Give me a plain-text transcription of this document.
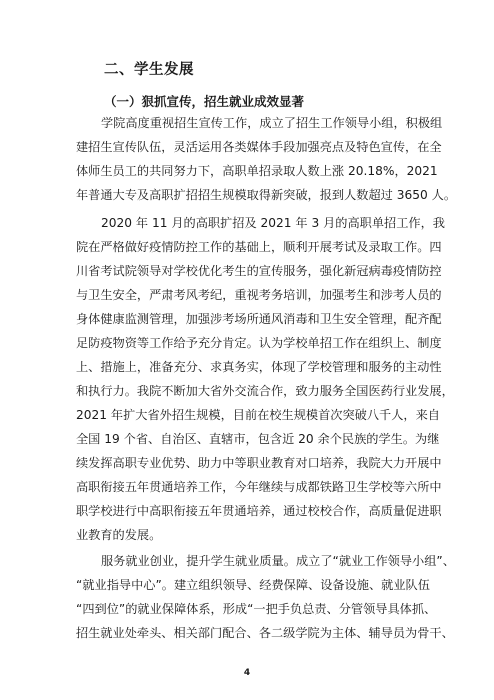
二、学生发展
（一）狠抓宣传，招生就业成效显著
学院高度重视招生宣传工作，成立了招生工作领导小组，积极组
建招生宣传队伍，灵活运用各类媒体手段加强亮点及特色宣传，在全
体师生员工的共同努力下，高职单招录取人数上涨 20.18%，2021
年普通大专及高职扩招招生规模取得新突破，报到人数超过 3650 人。
2020 年 11 月的高职扩招及 2021 年 3 月的高职单招工作，我
院在严格做好疫情防控工作的基础上，顺利开展考试及录取工作。四
川省考试院领导对学校优化考生的宣传服务，强化新冠病毒疫情防控
与卫生安全，严肃考风考纪，重视考务培训，加强考生和涉考人员的
身体健康监测管理，加强涉考场所通风消毒和卫生安全管理，配齐配
足防疫物资等工作给予充分肯定。认为学校单招工作在组织上、制度
上、措施上，准备充分、求真务实，体现了学校管理和服务的主动性
和执行力。我院不断加大省外交流合作，致力服务全国医药行业发展，
2021 年扩大省外招生规模，目前在校生规模首次突破八千人，来自
全国 19 个省、自治区、直辖市，包含近 20 余个民族的学生。为继
续发挥高职专业优势、助力中等职业教育对口培养，我院大力开展中
高职衔接五年贯通培养工作，今年继续与成都铁路卫生学校等六所中
职学校进行中高职衔接五年贯通培养，通过校校合作，高质量促进职
业教育的发展。
服务就业创业，提升学生就业质量。成立了“就业工作领导小组”、
“就业指导中心”。建立组织领导、经费保障、设备设施、就业队伍
“四到位”的就业保障体系，形成“一把手负总责、分管领导具体抓、
招生就业处牵头、相关部门配合、各二级学院为主体、辅导员为骨干、
4
